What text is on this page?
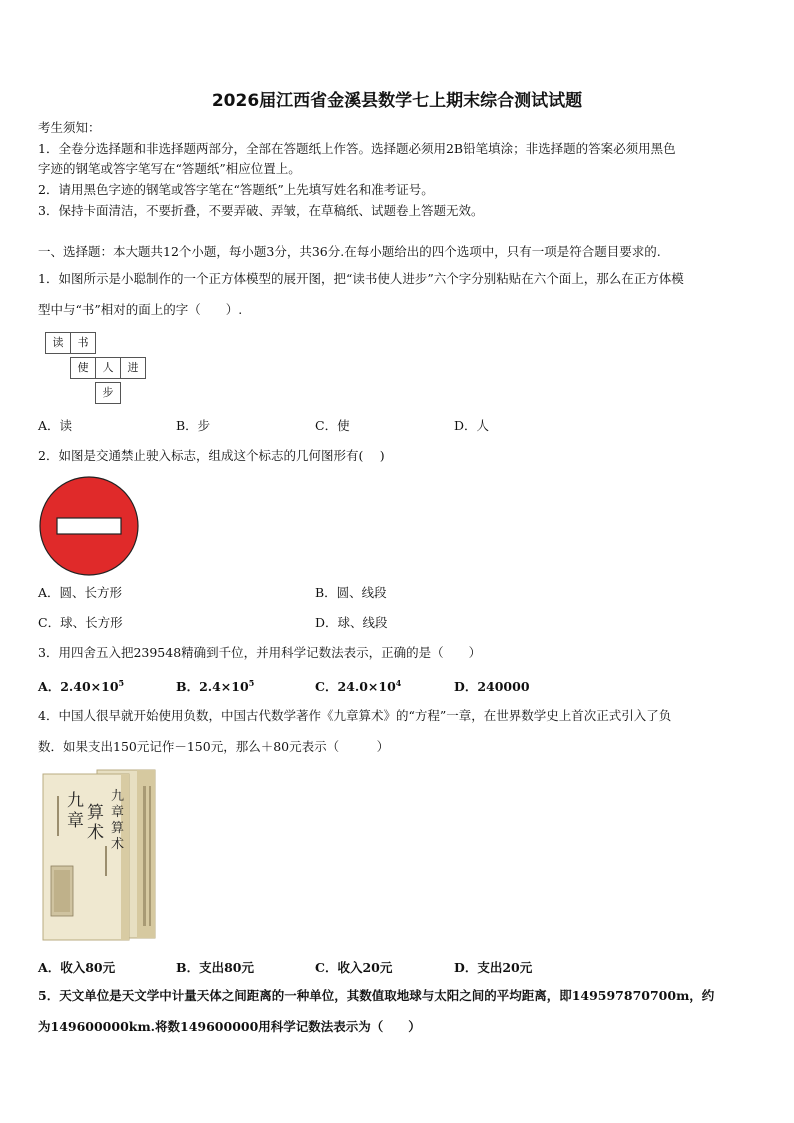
2026届江西省金溪县数学七上期末综合测试试题
考生须知：
1．全卷分选择题和非选择题两部分，全部在答题纸上作答。选择题必须用2B铅笔填涂；非选择题的答案必须用黑色
字迹的钢笔或答字笔写在“答题纸”相应位置上。
2．请用黑色字迹的钢笔或答字笔在“答题纸”上先填写姓名和准考证号。
3．保持卡面清洁，不要折叠，不要弄破、弄皱，在草稿纸、试题卷上答题无效。
一、选择题：本大题共12个小题，每小题3分，共36分.在每小题给出的四个选项中，只有一项是符合题目要求的.
1．如图所示是小聪制作的一个正方体模型的展开图，把“读书使人进步”六个字分别粘贴在六个面上，那么在正方体模
型中与“书”相对的面上的字（　　）.
读	书
使	人	进
步
A．读	B．步	C．使	D．人
2．如图是交通禁止驶入标志，组成这个标志的几何图形有(　 )
A．圆、长方形	B．圆、线段
C．球、长方形	D．球、线段
3．用四舍五入把239548精确到千位，并用科学记数法表示，正确的是（　　）
A．$2.40\times 10^5$	B．$2.4\times 10^5$	C．$24.0\times 10^4$	D．240000
4．中国人很早就开始使用负数，中国古代数学著作《九章算术》的“方程”一章，在世界数学史上首次正式引入了负
数．如果支出150元记作－150元，那么＋80元表示（　　　）
九
章 算
术
九
章
算
术
A．收入80元	B．支出80元	C．收入20元	D．支出20元
5．天文单位是天文学中计量天体之间距离的一种单位，其数值取地球与太阳之间的平均距离，即149597870700m，约
为149600000km.将数149600000用科学记数法表示为（　　）
